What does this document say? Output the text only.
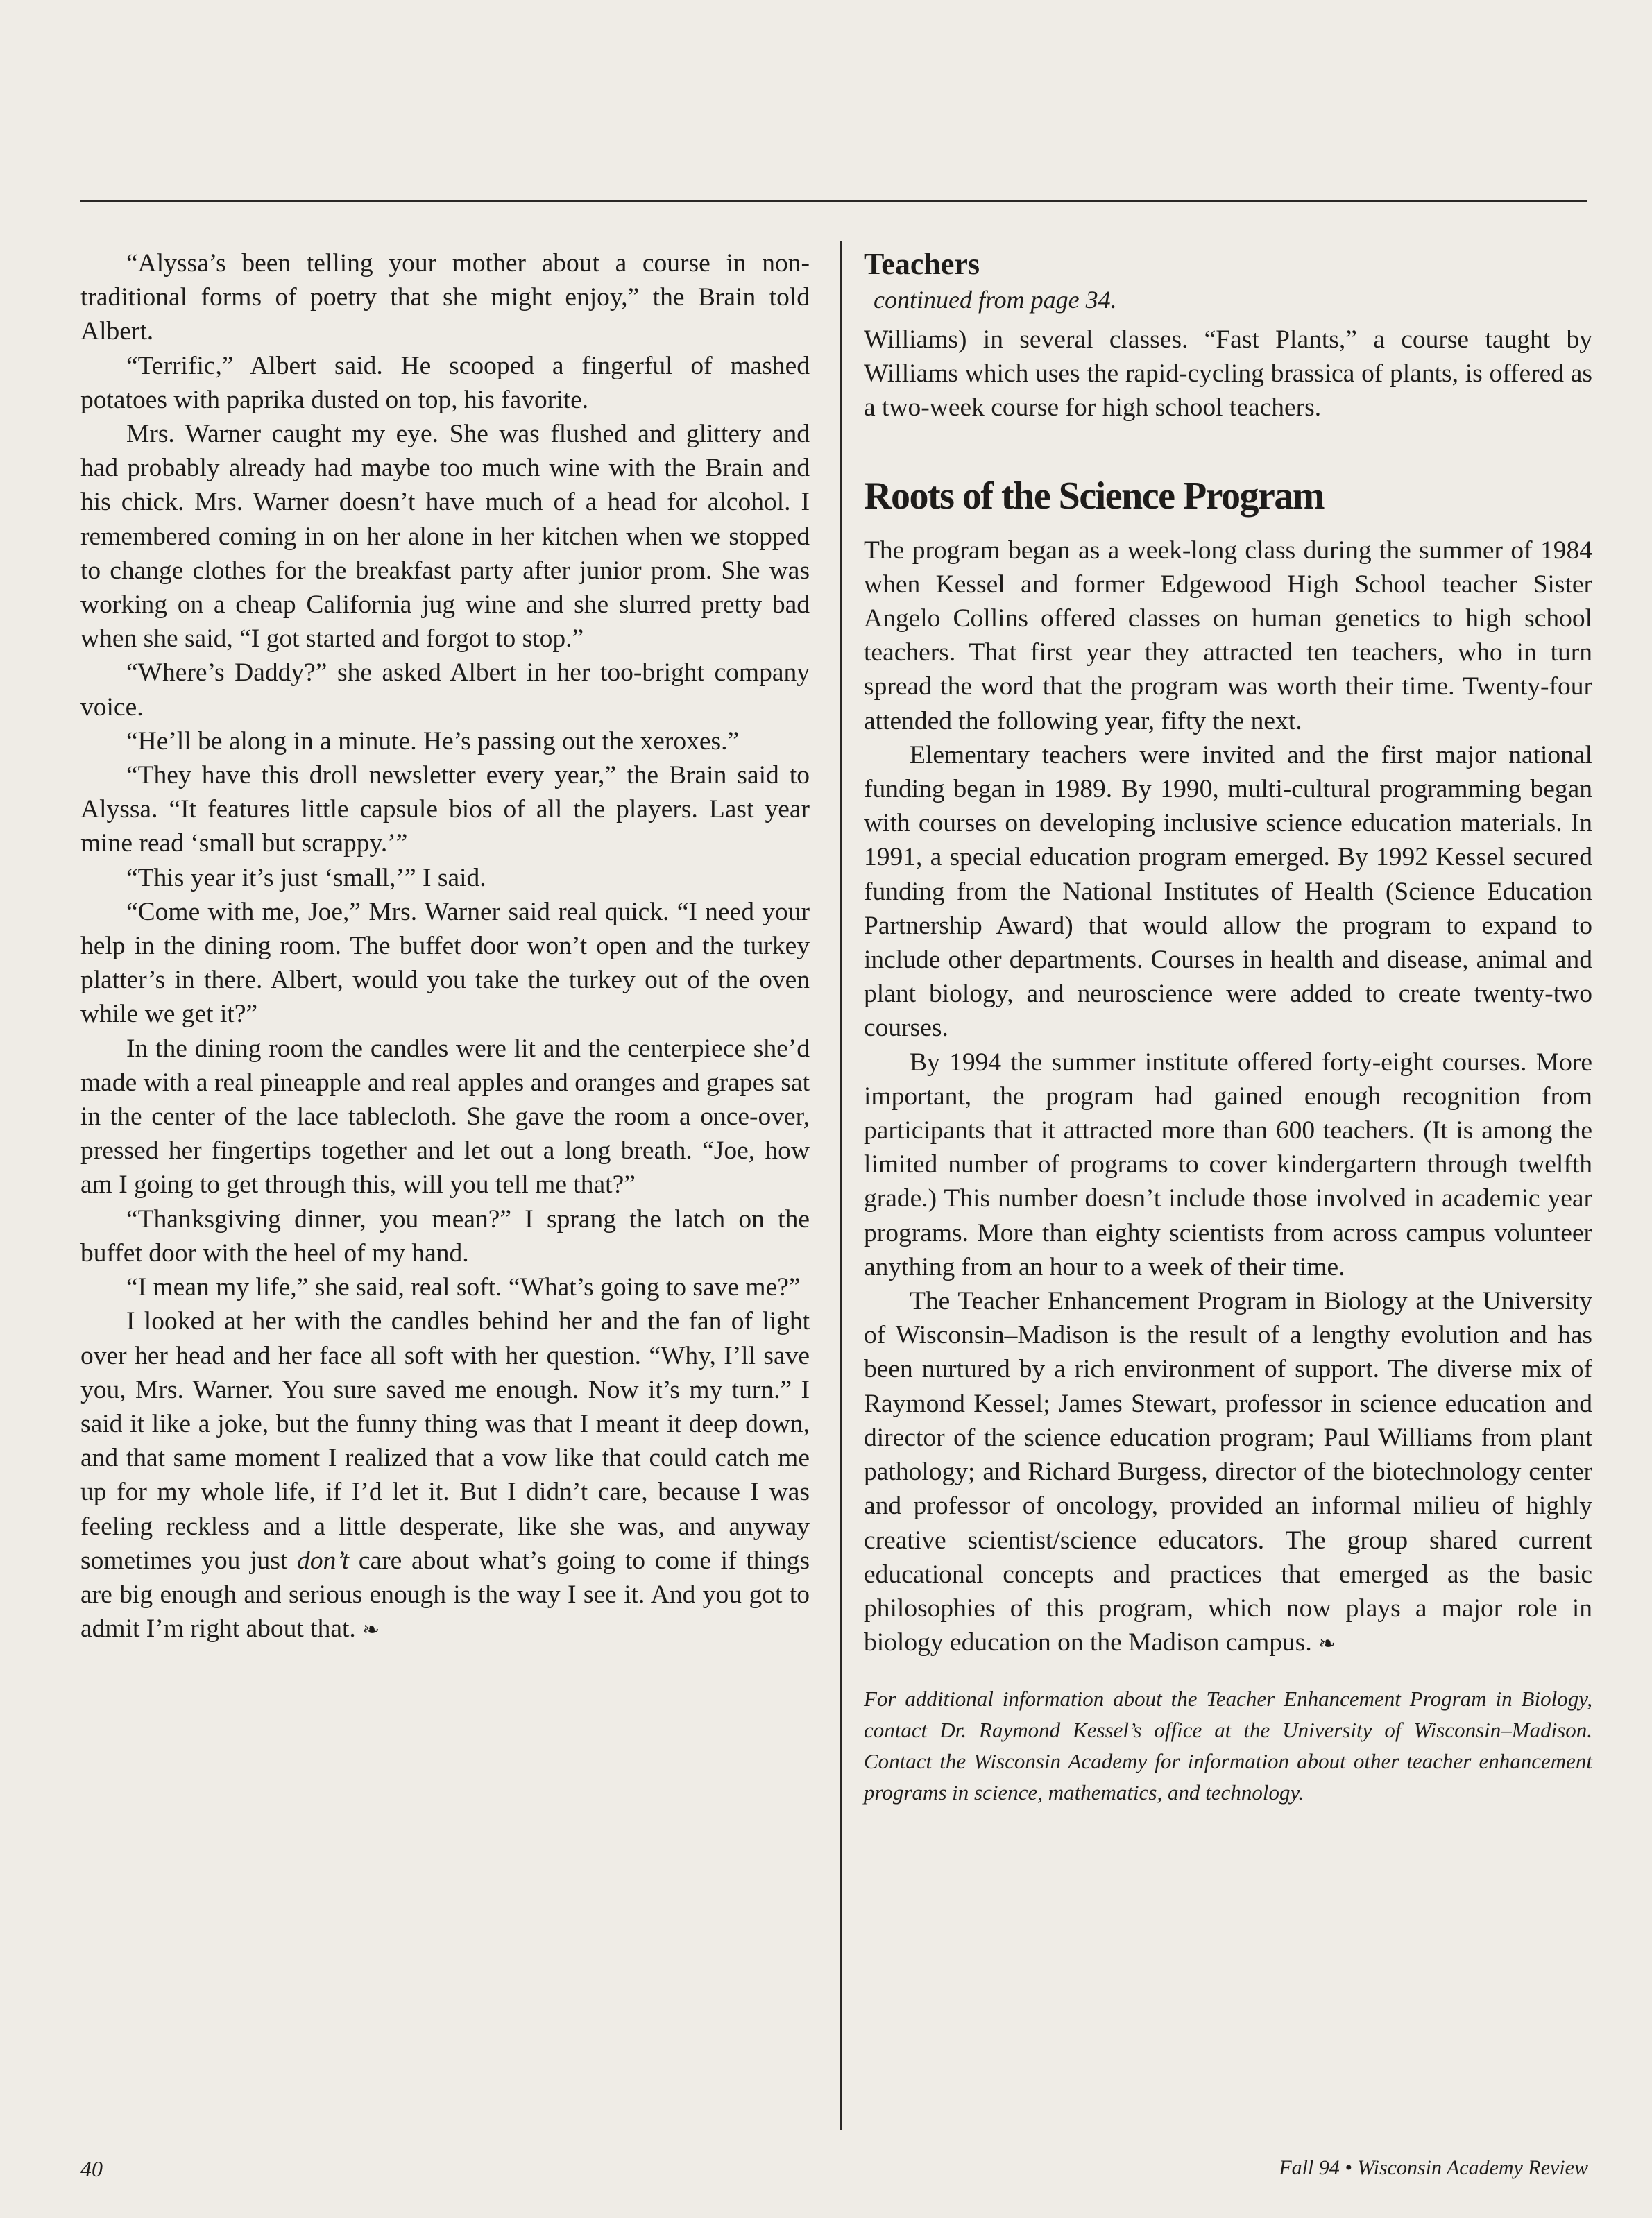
“Alyssa’s been telling your mother about a course in non-traditional forms of poetry that she might enjoy,” the Brain told Albert.

“Terrific,” Albert said. He scooped a fingerful of mashed potatoes with paprika dusted on top, his favorite.

Mrs. Warner caught my eye. She was flushed and glittery and had probably already had maybe too much wine with the Brain and his chick. Mrs. Warner doesn’t have much of a head for alcohol. I remembered coming in on her alone in her kitchen when we stopped to change clothes for the breakfast party after junior prom. She was working on a cheap California jug wine and she slurred pretty bad when she said, “I got started and forgot to stop.”

“Where’s Daddy?” she asked Albert in her too-bright company voice.

“He’ll be along in a minute. He’s passing out the xeroxes.”

“They have this droll newsletter every year,” the Brain said to Alyssa. “It features little capsule bios of all the players. Last year mine read ‘small but scrappy.’”

“This year it’s just ‘small,’” I said.

“Come with me, Joe,” Mrs. Warner said real quick. “I need your help in the dining room. The buffet door won’t open and the turkey platter’s in there. Albert, would you take the turkey out of the oven while we get it?”

In the dining room the candles were lit and the centerpiece she’d made with a real pineapple and real apples and oranges and grapes sat in the center of the lace tablecloth. She gave the room a once-over, pressed her fingertips together and let out a long breath. “Joe, how am I going to get through this, will you tell me that?”

“Thanksgiving dinner, you mean?” I sprang the latch on the buffet door with the heel of my hand.

“I mean my life,” she said, real soft. “What’s going to save me?”

I looked at her with the candles behind her and the fan of light over her head and her face all soft with her question. “Why, I’ll save you, Mrs. Warner. You sure saved me enough. Now it’s my turn.” I said it like a joke, but the funny thing was that I meant it deep down, and that same moment I realized that a vow like that could catch me up for my whole life, if I’d let it. But I didn’t care, because I was feeling reckless and a little desperate, like she was, and anyway sometimes you just don’t care about what’s going to come if things are big enough and serious enough is the way I see it. And you got to admit I’m right about that. ❧

Teachers
continued from page 34.

Williams) in several classes. “Fast Plants,” a course taught by Williams which uses the rapid-cycling brassica of plants, is offered as a two-week course for high school teachers.

Roots of the Science Program

The program began as a week-long class during the summer of 1984 when Kessel and former Edgewood High School teacher Sister Angelo Collins offered classes on human genetics to high school teachers. That first year they attracted ten teachers, who in turn spread the word that the program was worth their time. Twenty-four attended the following year, fifty the next.

Elementary teachers were invited and the first major national funding began in 1989. By 1990, multi-cultural programming began with courses on developing inclusive science education materials. In 1991, a special education program emerged. By 1992 Kessel secured funding from the National Institutes of Health (Science Education Partnership Award) that would allow the program to expand to include other departments. Courses in health and disease, animal and plant biology, and neuroscience were added to create twenty-two courses.

By 1994 the summer institute offered forty-eight courses. More important, the program had gained enough recognition from participants that it attracted more than 600 teachers. (It is among the limited number of programs to cover kindergartern through twelfth grade.) This number doesn’t include those involved in academic year programs. More than eighty scientists from across campus volunteer anything from an hour to a week of their time.

The Teacher Enhancement Program in Biology at the University of Wisconsin–Madison is the result of a lengthy evolution and has been nurtured by a rich environment of support. The diverse mix of Raymond Kessel; James Stewart, professor in science education and director of the science education program; Paul Williams from plant pathology; and Richard Burgess, director of the biotechnology center and professor of oncology, provided an informal milieu of highly creative scientist/science educators. The group shared current educational concepts and practices that emerged as the basic philosophies of this program, which now plays a major role in biology education on the Madison campus. ❧

For additional information about the Teacher Enhancement Program in Biology, contact Dr. Raymond Kessel’s office at the University of Wisconsin–Madison. Contact the Wisconsin Academy for information about other teacher enhancement programs in science, mathematics, and technology.
40	Fall 94 • Wisconsin Academy Review
